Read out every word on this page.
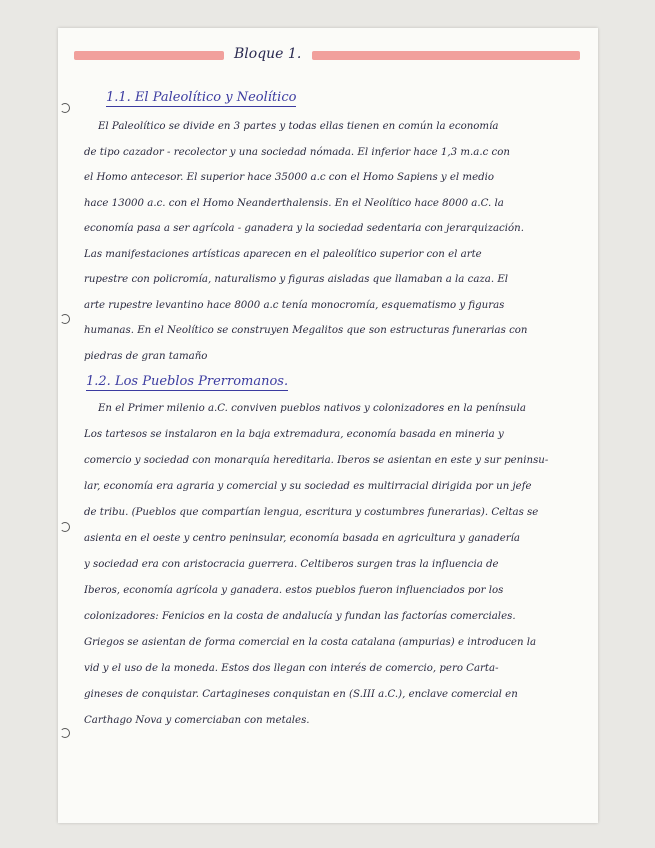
Bloque 1.
1.1. El Paleolítico y Neolítico
El Paleolítico se divide en 3 partes y todas ellas tienen en común la economía
de tipo cazador - recolector y una sociedad nómada. El inferior hace 1,3 m.a.c con
el Homo antecesor. El superior hace 35000 a.c con el Homo Sapiens y el medio
hace 13000 a.c. con el Homo Neanderthalensis. En el Neolítico hace 8000 a.C. la
economía pasa a ser agrícola - ganadera y la sociedad sedentaria con jerarquización.
Las manifestaciones artísticas aparecen en el paleolítico superior con el arte
rupestre con policromía, naturalismo y figuras aisladas que llamaban a la caza. El
arte rupestre levantino hace 8000 a.c tenía monocromía, esquematismo y figuras
humanas. En el Neolítico se construyen Megalitos que son estructuras funerarias con
piedras de gran tamaño
1.2. Los Pueblos Prerromanos.
En el Primer milenio a.C. conviven pueblos nativos y colonizadores en la península
Los tartesos se instalaron en la baja extremadura, economía basada en mineria y
comercio y sociedad con monarquía hereditaria. Iberos se asientan en este y sur peninsu-
lar, economía era agraria y comercial y su sociedad es multirracial dirigida por un jefe
de tribu. (Pueblos que compartían lengua, escritura y costumbres funerarias). Celtas se
asienta en el oeste y centro peninsular, economía basada en agricultura y ganadería
y sociedad era con aristocracia guerrera. Celtiberos surgen tras la influencia de
Iberos, economía agrícola y ganadera. estos pueblos fueron influenciados por los
colonizadores: Fenicios en la costa de andalucía y fundan las factorías comerciales.
Griegos se asientan de forma comercial en la costa catalana (ampurias) e introducen la
vid y el uso de la moneda. Estos dos llegan con interés de comercio, pero Carta-
gineses de conquistar. Cartagineses conquistan en (S.III a.C.), enclave comercial en
Carthago Nova y comerciaban con metales.
